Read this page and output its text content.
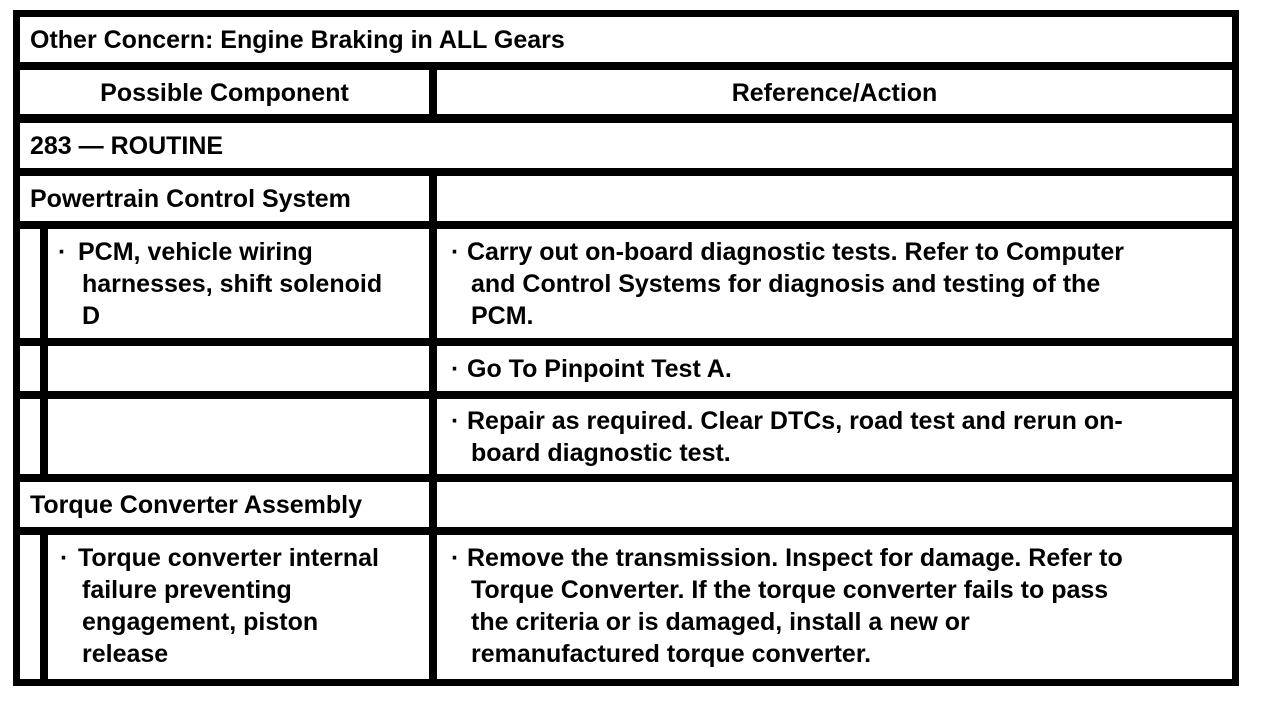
Other Concern: Engine Braking in ALL Gears
Possible Component	Reference/Action
283 — ROUTINE
Powertrain Control System
· PCM, vehicle wiring
harnesses, shift solenoid
D
· Carry out on-board diagnostic tests. Refer to Computer
and Control Systems for diagnosis and testing of the
PCM.
· Go To Pinpoint Test A.
· Repair as required. Clear DTCs, road test and rerun on-
board diagnostic test.
Torque Converter Assembly
· Torque converter internal
failure preventing
engagement, piston
release
· Remove the transmission. Inspect for damage. Refer to
Torque Converter. If the torque converter fails to pass
the criteria or is damaged, install a new or
remanufactured torque converter.
